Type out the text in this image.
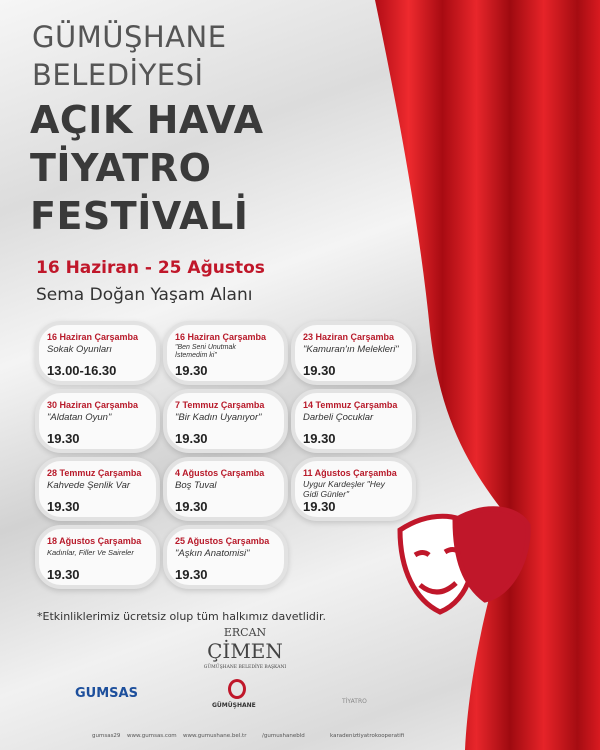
GÜMÜŞHANE
BELEDİYESİ
AÇIK HAVA
TİYATRO
FESTİVALİ
16 Haziran - 25 Ağustos
Sema Doğan Yaşam Alanı
16 Haziran Çarşamba
Sokak Oyunları
13.00-16.30
16 Haziran Çarşamba
"Ben Seni Unutmak İstemedim ki"
19.30
23 Haziran Çarşamba
"Kamuran'ın Melekleri"
19.30
30 Haziran Çarşamba
"Aldatan Oyun"
19.30
7 Temmuz Çarşamba
"Bir Kadın Uyanıyor"
19.30
14 Temmuz Çarşamba
Darbeli Çocuklar
19.30
28 Temmuz Çarşamba
Kahvede Şenlik Var
19.30
4 Ağustos Çarşamba
Boş Tuval
19.30
11 Ağustos Çarşamba
Uygur Kardeşler "Hey Gidi Günler"
19.30
18 Ağustos Çarşamba
Kadınlar, Filler Ve Saireler
19.30
25 Ağustos Çarşamba
"Aşkın Anatomisi"
19.30
*Etkinliklerimiz ücretsiz olup tüm halkımız davetlidir.
ERCAN
ÇİMEN
GÜMÜŞHANE BELEDİYE BAŞKANI
GUMSAS
GÜMÜŞHANE
TİYATRO
gumsas29 www.gumsas.com www.gumushane.bel.tr	/gumushanebld	karadeniztiyatrokooperatifi
